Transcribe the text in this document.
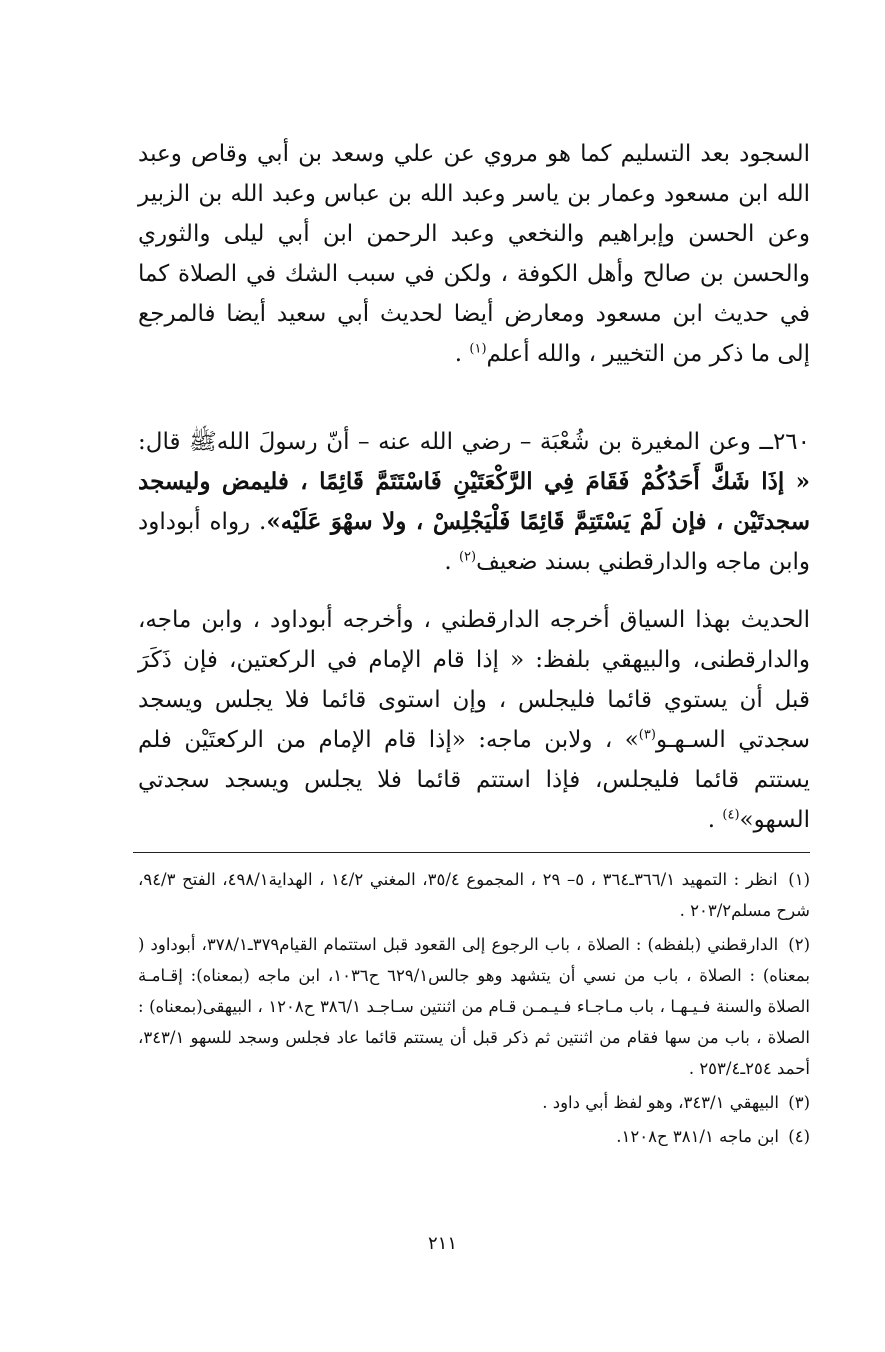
السجود بعد التسليم كما هو مروي عن علي وسعد بن أبي وقاص وعبد الله ابن مسعود وعمار بن ياسر وعبد الله بن عباس وعبد الله بن الزبير وعن الحسن وإبراهيم والنخعي وعبد الرحمن ابن أبي ليلى والثوري والحسن بن صالح وأهل الكوفة ، ولكن في سبب الشك في الصلاة كما في حديث ابن مسعود ومعارض أيضا لحديث أبي سعيد أيضا فالمرجع إلى ما ذكر من التخيير ، والله أعلم$^{(١)}$ .

٢٦٠ــ وعن المغيرة بن شُعْبَة – رضي الله عنه – أنّ رسولَ اللهﷺ قال: « إذَا شَكَّ أَحَدُكُمْ فَقَامَ فِي الرَّكْعَتَيْنِ فَاسْتَتَمَّ قَائِمًا ، فليمض وليسجد سجدتَيْن ، فإن لَمْ يَسْتَتِمَّ قَائِمًا فَلْيَجْلِسْ ، ولا سهْوَ عَلَيْه». رواه أبوداود وابن ماجه والدارقطني بسند ضعيف$^{(٢)}$ .

الحديث بهذا السياق أخرجه الدارقطني ، وأخرجه أبوداود ، وابن ماجه، والدارقطنى، والبيهقي بلفظ: « إذا قام الإمام في الركعتين، فإن ذَكَرَ قبل أن يستوي قائما فليجلس ، وإن استوى قائما فلا يجلس ويسجد سجدتي السـهـو$^{(٣)}$» ، ولابن ماجه: «إذا قام الإمام من الركعتَيْن فلم يستتم قائما فليجلس، فإذا استتم قائما فلا يجلس ويسجد سجدتي السهو»$^{(٤)}$ .

(١) انظر : التمهيد ٣٦٦/١ـ٣٦٤ ، ٥– ٢٩ ، المجموع ٣٥/٤، المغني ١٤/٢ ، الهداية٤٩٨/١، الفتح ٩٤/٣، شرح مسلم٢٠٣/٢ .
(٢) الدارقطني (بلفظه) : الصلاة ، باب الرجوع إلى القعود قبل استتمام القيام٣٧٩ـ٣٧٨/١، أبوداود ( بمعناه) : الصلاة ، باب من نسي أن يتشهد وهو جالس٦٢٩/١ ح١٠٣٦، ابن ماجه (بمعناه): إقـامـة الصلاة والسنة فـيـهـا ، باب مـاجـاء فـيـمـن قـام من اثنتين سـاجـد ٣٨٦/١ ح١٢٠٨ ، البيهقى(بمعناه) : الصلاة ، باب من سها فقام من اثنتين ثم ذكر قبل أن يستتم قائما عاد فجلس وسجد للسهو ٣٤٣/١، أحمد ٢٥٤ـ٢٥٣/٤ .
(٣) البيهقي ٣٤٣/١، وهو لفظ أبي داود .
(٤) ابن ماجه ٣٨١/١ ح١٢٠٨.
٢١١
